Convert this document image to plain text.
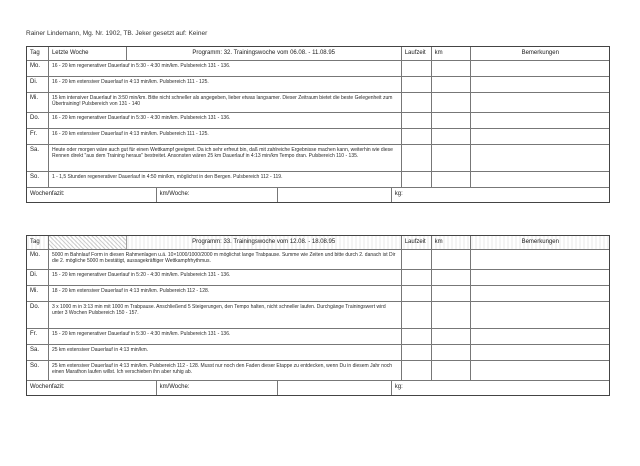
Rainer Lindemann, Mg. Nr. 1902, TB. Jeker gesetzt auf: Keiner
Tag	Letzte Woche	Programm: 32. Trainingswoche vom 06.08. - 11.08.95	Laufzeit	km	Bemerkungen
Mo.	16 - 20 km regenerativer Dauerlauf in 5:30 - 4:30 min/km. Pulsbereich 131 - 136.
Di.	16 - 20 km extensiver Dauerlauf in 4:13 min/km. Pulsbereich 111 - 125.
Mi.	15 km intensiver Dauerlauf in 3:50 min/km. Bitte nicht schneller als angegeben, lieber etwas langsamer. Dieser Zeitraum bietet die beste Gelegenheit zum Übertraining! Pulsbereich von 131 - 140
Do.	16 - 20 km regenerativer Dauerlauf in 5:30 - 4:30 min/km. Pulsbereich 131 - 136.
Fr.	16 - 20 km extensiver Dauerlauf in 4:13 min/km. Pulsbereich 111 - 125.
Sa.	Heute oder morgen wäre auch gut für einen Wettkampf geeignet. Da ich sehr erfreut bin, daß mit zahlreiche Ergebnisse machen kann, weiterhin wie diese Rennen direkt "aus dem Training heraus" bestreitet. Ansonsten wären 25 km Dauerlauf in 4:13 min/km Tempo dran. Pulsbereich 110 - 135.
So.	1 - 1,5 Stunden regenerativer Dauerlauf in 4:50 min/km, möglichst in den Bergen. Pulsbereich 112 - 119.
Wochenfazit:	km/Woche:	kg:
Tag	Programm: 33. Trainingswoche vom 12.08. - 18.08.95	Laufzeit	km	Bemerkungen
Mo.	5000 m Bahnlauf Form in diesen Rahmenlagen u.ä. 10×1000/1000/2000 m möglichst lange Trabpause. Summe wie Zeiten und bitte durch 2. danach ist Dir die 2. mögliche 5000 m bestätigt, aussagekräftiger Wettkampfrhythmus.
Di.	15 - 20 km regenerativer Dauerlauf in 5:20 - 4:30 min/km. Pulsbereich 131 - 136.
Mi.	18 - 20 km extensiver Dauerlauf in 4:13 min/km. Pulsbereich 112 - 128.
Do.	3 x 1000 m in 3:13 min mit 1000 m Trabpause. Anschließend 5 Steigerungen, den Tempo halten, nicht schneller laufen. Durchgänge Trainingswert wird unter 3 Wochen Pulsbereich 150 - 157.
Fr.	15 - 20 km regenerativer Dauerlauf in 5:30 - 4:30 min/km. Pulsbereich 131 - 136.
Sa.	25 km extensiver Dauerlauf in 4:13 min/km.
So.	25 km extensiver Dauerlauf in 4:13 min/km. Pulsbereich 112 - 128. Musst nur noch den Faden dieser Etappe zu entdecken, wenn Du in diesem Jahr noch einen Marathon laufen willst. Ich verschieben ihn aber ruhig ab.
Wochenfazit:	km/Woche:	kg:
